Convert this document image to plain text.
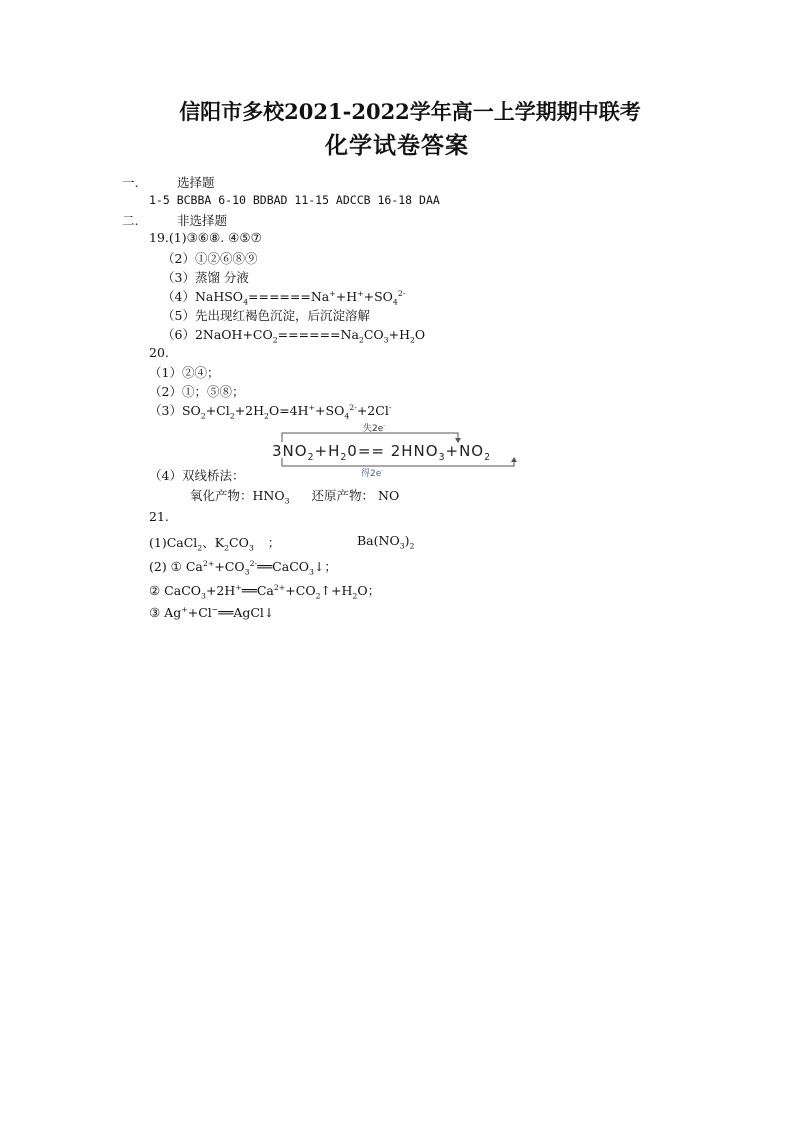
信阳市多校2021-2022学年高一上学期期中联考
化学试卷答案
一.	选择题
1-5 BCBBA 6-10 BDBAD 11-15 ADCCB 16-18 DAA
二.	非选择题
19.(1)③⑥⑧. ④⑤⑦
（2）①②⑥⑧⑨
（3）蒸馏 分液
$(4)NaHSO_4======Na^++H^++SO_4^{2-}$
（5）先出现红褐色沉淀，后沉淀溶解
$(6)2NaOH+CO_2======Na_2CO_3+H_2O$
20.
（1）②④；
（2）①；⑤⑧；
$(3)SO_2+Cl_2+2H_2O=4H^++SO_4^{2-}+2Cl^-$
失2e-
$3NO_2+H_20== 2HNO_3+NO_2$
得2e-
（4）双线桥法：
氧化产物：$HNO_3$ 还原产物： NO
21.
(1)CaCl$_2$、$K_2CO_3$ ；	$Ba(NO_3)_2$
(2) ① $Ca^{2+}+CO_3^{2-}══CaCO_3↓$；
② $CaCO_3+2H^+══Ca^{2+}+CO_2↑+H_2O$；
③ Ag++Cl−══AgCl↓
